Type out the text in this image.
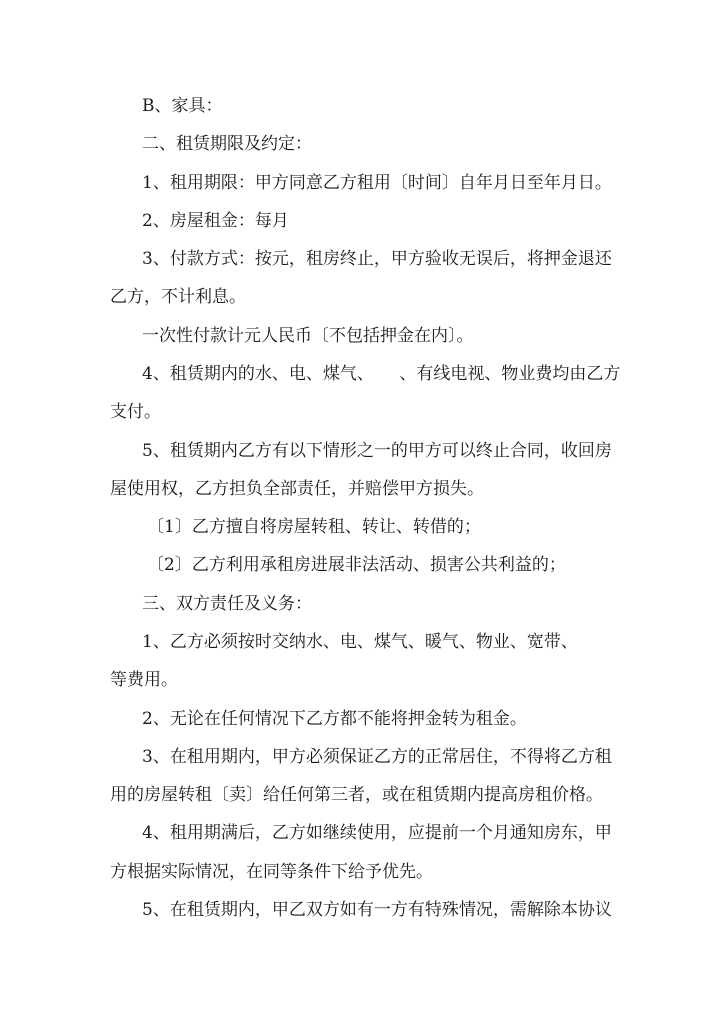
B、家具：
二、租赁期限及约定：
1、租用期限：甲方同意乙方租用〔时间〕自年月日至年月日。
2、房屋租金：每月
3、付款方式：按元，租房终止，甲方验收无误后，将押金退还
乙方，不计利息。
一次性付款计元人民币〔不包括押金在内〕。
4、租赁期内的水、电、煤气、　　、有线电视、物业费均由乙方
支付。
5、租赁期内乙方有以下情形之一的甲方可以终止合同，收回房
屋使用权，乙方担负全部责任，并赔偿甲方损失。
〔1〕乙方擅自将房屋转租、转让、转借的；
〔2〕乙方利用承租房进展非法活动、损害公共利益的；
三、双方责任及义务：
1、乙方必须按时交纳水、电、煤气、暖气、物业、宽带、
等费用。
2、无论在任何情况下乙方都不能将押金转为租金。
3、在租用期内，甲方必须保证乙方的正常居住，不得将乙方租
用的房屋转租〔卖〕给任何第三者，或在租赁期内提高房租价格。
4、租用期满后，乙方如继续使用，应提前一个月通知房东，甲
方根据实际情况，在同等条件下给予优先。
5、在租赁期内，甲乙双方如有一方有特殊情况，需解除本协议
